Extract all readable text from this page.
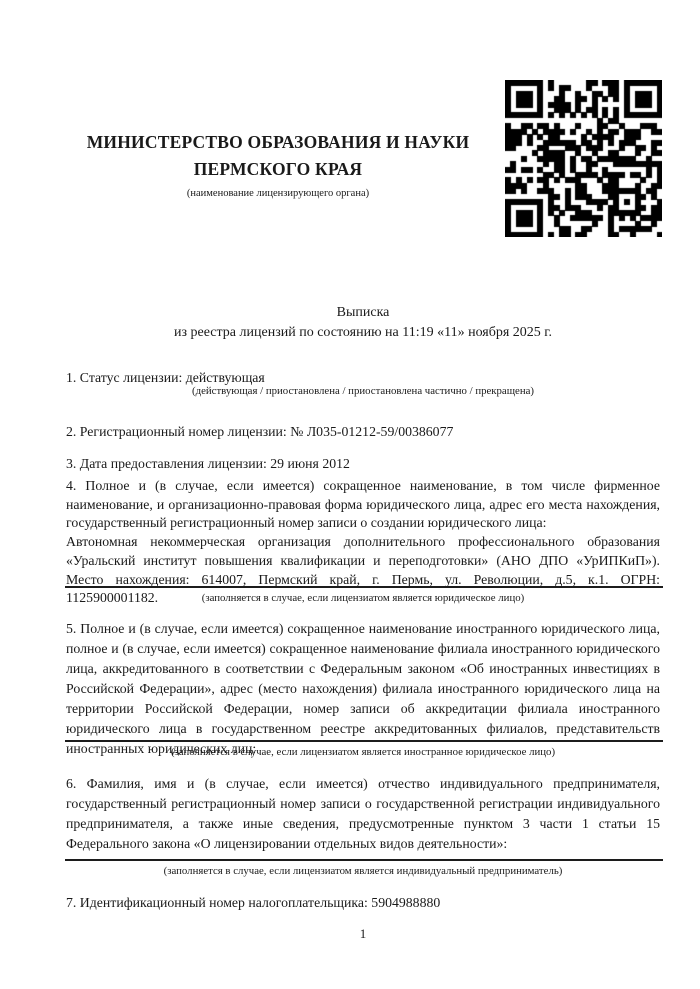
МИНИСТЕРСТВО ОБРАЗОВАНИЯ И НАУКИ
ПЕРМСКОГО КРАЯ
(наименование лицензирующего органа)
Выписка
из реестра лицензий по состоянию на 11:19 «11» ноября 2025 г.
1. Статус лицензии: действующая
(действующая / приостановлена / приостановлена частично / прекращена)
2. Регистрационный номер лицензии: № Л035-01212-59/00386077
3. Дата предоставления лицензии: 29 июня 2012

4. Полное и (в случае, если имеется) сокращенное наименование, в том числе фирменное наименование, и организационно-правовая форма юридического лица, адрес его места нахождения, государственный регистрационный номер записи о создании юридического лица:

Автономная некоммерческая организация дополнительного профессионального образования «Уральский институт повышения квалификации и переподготовки» (АНО ДПО «УрИПКиП»). Место нахождения: 614007, Пермский край, г. Пермь, ул. Революции, д.5, к.1. ОГРН: 1125900001182.	(заполняется в случае, если лицензиатом является юридическое лицо)
5. Полное и (в случае, если имеется) сокращенное наименование иностранного юридического лица, полное и (в случае, если имеется) сокращенное наименование филиала иностранного юридического лица, аккредитованного в соответствии с Федеральным законом «Об иностранных инвестициях в Российской Федерации», адрес (место нахождения) филиала иностранного юридического лица на территории Российской Федерации, номер записи об аккредитации филиала иностранного юридического лица в государственном реестре аккредитованных филиалов, представительств иностранных юридических лиц:
(заполняется в случае, если лицензиатом является иностранное юридическое лицо)
6. Фамилия, имя и (в случае, если имеется) отчество индивидуального предпринимателя, государственный регистрационный номер записи о государственной регистрации индивидуального предпринимателя, а также иные сведения, предусмотренные пунктом 3 части 1 статьи 15 Федерального закона «О лицензировании отдельных видов деятельности»:
(заполняется в случае, если лицензиатом является индивидуальный предприниматель)
7. Идентификационный номер налогоплательщика: 5904988880
1
